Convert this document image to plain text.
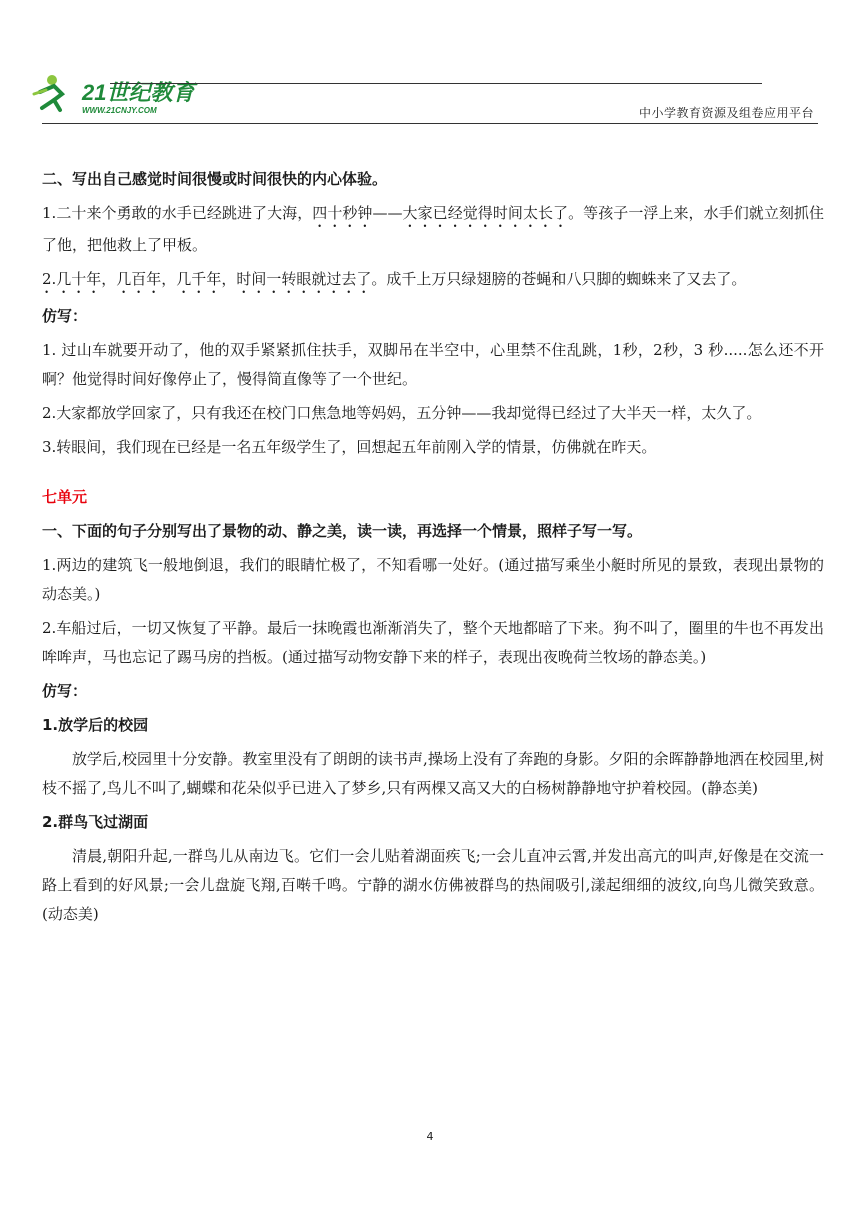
21世纪教育
WWW.21CNJY.COM	中小学教育资源及组卷应用平台

二、写出自己感觉时间很慢或时间很快的内心体验。

1.二十来个勇敢的水手已经跳进了大海，四十秒钟——大家已经觉得时间太长了。等孩子一浮上来，水手们就立刻抓住了他，把他救上了甲板。

2.几十年，几百年，几千年，时间一转眼就过去了。成千上万只绿翅膀的苍蝇和八只脚的蜘蛛来了又去了。

仿写：

1. 过山车就要开动了，他的双手紧紧抓住扶手，双脚吊在半空中，心里禁不住乱跳，1秒，2秒，3 秒.....怎么还不开啊？他觉得时间好像停止了，慢得简直像等了一个世纪。

2.大家都放学回家了，只有我还在校门口焦急地等妈妈，五分钟——我却觉得已经过了大半天一样，太久了。

3.转眼间，我们现在已经是一名五年级学生了，回想起五年前刚入学的情景，仿佛就在昨天。

七单元

一、下面的句子分别写出了景物的动、静之美，读一读，再选择一个情景，照样子写一写。

1.两边的建筑飞一般地倒退，我们的眼睛忙极了，不知看哪一处好。(通过描写乘坐小艇时所见的景致，表现出景物的动态美。)

2.车船过后，一切又恢复了平静。最后一抹晚霞也渐渐消失了，整个天地都暗了下来。狗不叫了，圈里的牛也不再发出哞哞声，马也忘记了踢马房的挡板。(通过描写动物安静下来的样子，表现出夜晚荷兰牧场的静态美。)

仿写：

1.放学后的校园

放学后,校园里十分安静。教室里没有了朗朗的读书声,操场上没有了奔跑的身影。夕阳的余晖静静地洒在校园里,树枝不摇了,鸟儿不叫了,蝴蝶和花朵似乎已进入了梦乡,只有两棵又高又大的白杨树静静地守护着校园。(静态美)

2.群鸟飞过湖面

清晨,朝阳升起,一群鸟儿从南边飞。它们一会儿贴着湖面疾飞;一会儿直冲云霄,并发出高亢的叫声,好像是在交流一路上看到的好风景;一会儿盘旋飞翔,百啭千鸣。宁静的湖水仿佛被群鸟的热闹吸引,漾起细细的波纹,向鸟儿微笑致意。(动态美)

4
